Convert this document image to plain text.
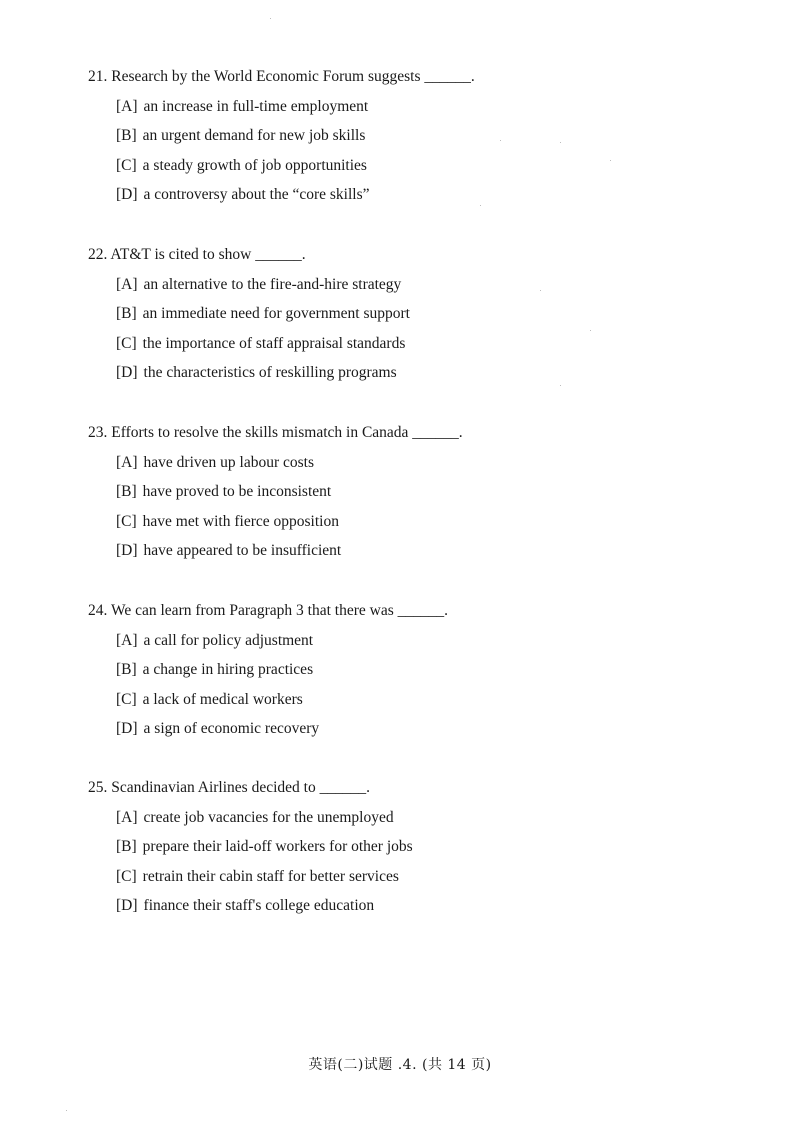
21. Research by the World Economic Forum suggests ______.
[A] an increase in full-time employment
[B] an urgent demand for new job skills
[C] a steady growth of job opportunities
[D] a controversy about the “core skills”
22. AT&T is cited to show ______.
[A] an alternative to the fire-and-hire strategy
[B] an immediate need for government support
[C] the importance of staff appraisal standards
[D] the characteristics of reskilling programs
23. Efforts to resolve the skills mismatch in Canada ______.
[A] have driven up labour costs
[B] have proved to be inconsistent
[C] have met with fierce opposition
[D] have appeared to be insufficient
24. We can learn from Paragraph 3 that there was ______.
[A] a call for policy adjustment
[B] a change in hiring practices
[C] a lack of medical workers
[D] a sign of economic recovery
25. Scandinavian Airlines decided to ______.
[A] create job vacancies for the unemployed
[B] prepare their laid-off workers for other jobs
[C] retrain their cabin staff for better services
[D] finance their staff's college education
英语(二)试题 .4. (共 14 页)
